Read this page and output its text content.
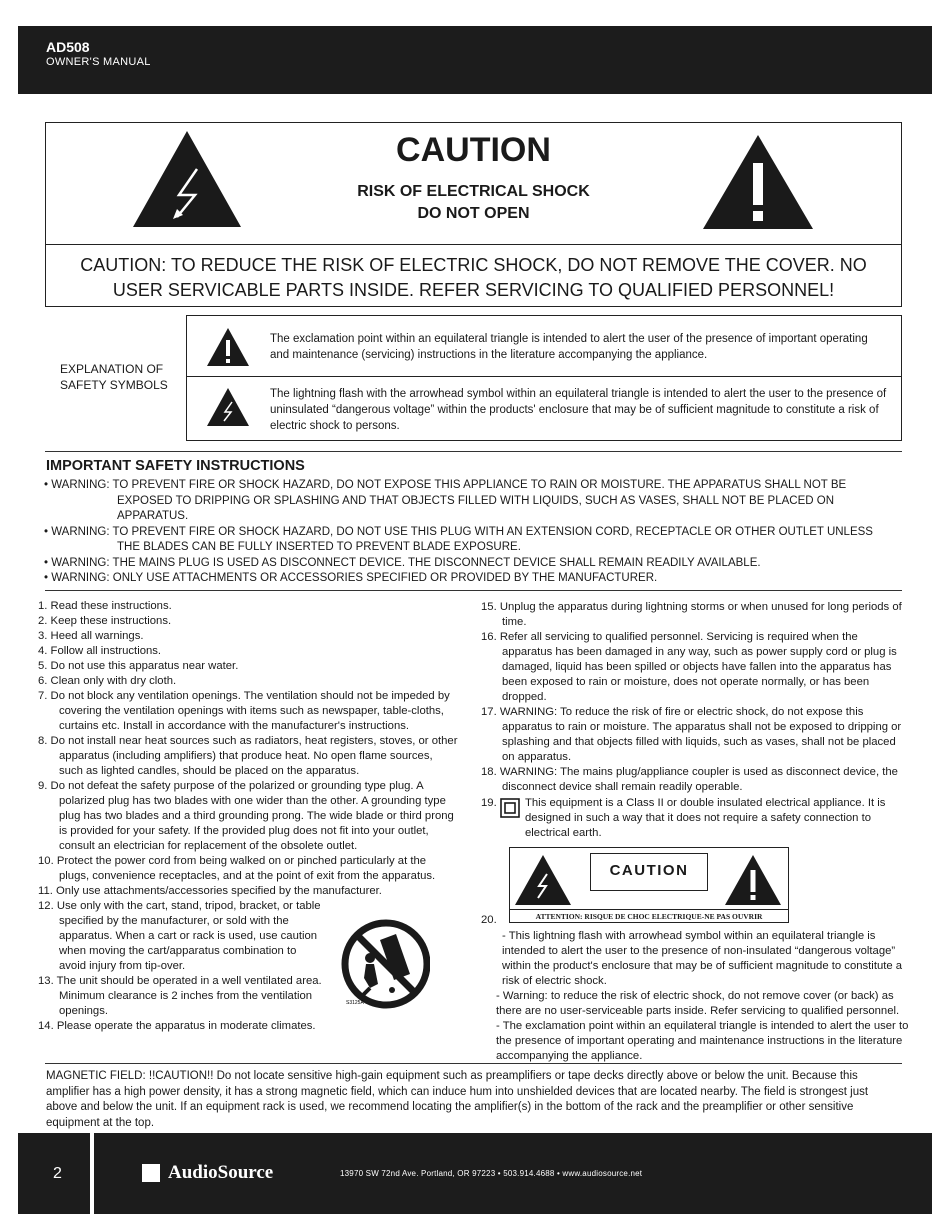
AD508
OWNER'S MANUAL
CAUTION
RISK OF ELECTRICAL SHOCK
DO NOT OPEN
CAUTION: TO REDUCE THE RISK OF ELECTRIC SHOCK, DO NOT REMOVE THE COVER. NO
USER SERVICABLE PARTS INSIDE. REFER SERVICING TO QUALIFIED PERSONNEL!
EXPLANATION OF
SAFETY SYMBOLS
The exclamation point within an equilateral triangle is intended to alert the user of the presence of important operating and maintenance (servicing) instructions in the literature accompanying the appliance.
The lightning flash with the arrowhead symbol within an equilateral triangle is intended to alert the user to the presence of uninsulated “dangerous voltage” within the products' enclosure that may be of sufficient magnitude to constitute a risk of electric shock to persons.
IMPORTANT SAFETY INSTRUCTIONS
• WARNING: TO PREVENT FIRE OR SHOCK HAZARD, DO NOT EXPOSE THIS APPLIANCE TO RAIN OR MOISTURE. THE APPARATUS SHALL NOT BE EXPOSED TO DRIPPING OR SPLASHING AND THAT OBJECTS FILLED WITH LIQUIDS, SUCH AS VASES, SHALL NOT BE PLACED ON APPARATUS.
• WARNING: TO PREVENT FIRE OR SHOCK HAZARD, DO NOT USE THIS PLUG WITH AN EXTENSION CORD, RECEPTACLE OR OTHER OUTLET UNLESS THE BLADES CAN BE FULLY INSERTED TO PREVENT BLADE EXPOSURE.
• WARNING: THE MAINS PLUG IS USED AS DISCONNECT DEVICE. THE DISCONNECT DEVICE SHALL REMAIN READILY AVAILABLE.
• WARNING: ONLY USE ATTACHMENTS OR ACCESSORIES SPECIFIED OR PROVIDED BY THE MANUFACTURER.
1. Read these instructions.
2. Keep these instructions.
3. Heed all warnings.
4. Follow all instructions.
5. Do not use this apparatus near water.
6. Clean only with dry cloth.
7. Do not block any ventilation openings. The ventilation should not be impeded by covering the ventilation openings with items such as newspaper, table-cloths, curtains etc. Install in accordance with the manufacturer's instructions.
8. Do not install near heat sources such as radiators, heat registers, stoves, or other apparatus (including amplifiers) that produce heat. No open flame sources, such as lighted candles, should be placed on the apparatus.
9. Do not defeat the safety purpose of the polarized or grounding type plug. A polarized plug has two blades with one wider than the other. A grounding type plug has two blades and a third grounding prong. The wide blade or third prong is provided for your safety. If the provided plug does not fit into your outlet, consult an electrician for replacement of the obsolete outlet.
10. Protect the power cord from being walked on or pinched particularly at the plugs, convenience receptacles, and at the point of exit from the apparatus.
11. Only use attachments/accessories specified by the manufacturer.
12. Use only with the cart, stand, tripod, bracket, or table specified by the manufacturer, or sold with the apparatus. When a cart or rack is used, use caution when moving the cart/apparatus combination to avoid injury from tip-over.
13. The unit should be operated in a well ventilated area. Minimum clearance is 2 inches from the ventilation openings.
14. Please operate the apparatus in moderate climates.
S3125A
15. Unplug the apparatus during lightning storms or when unused for long periods of time.
16. Refer all servicing to qualified personnel. Servicing is required when the apparatus has been damaged in any way, such as power supply cord or plug is damaged, liquid has been spilled or objects have fallen into the apparatus has been exposed to rain or moisture, does not operate normally, or has been dropped.
17. WARNING: To reduce the risk of fire or electric shock, do not expose this apparatus to rain or moisture. The apparatus shall not be exposed to dripping or splashing and that objects filled with liquids, such as vases, shall not be placed on apparatus.
18. WARNING: The mains plug/appliance coupler is used as disconnect device, the disconnect device shall remain readily operable.
19.	This equipment is a Class II or double insulated electrical appliance. It is designed in such a way that it does not require a safety connection to electrical earth.
20.
CAUTION
ATTENTION: RISQUE DE CHOC ELECTRIQUE-NE PAS OUVRIR
- This lightning flash with arrowhead symbol within an equilateral triangle is intended to alert the user to the presence of non-insulated “dangerous voltage” within the product's enclosure that may be of sufficient magnitude to constitute a risk of electric shock.
- Warning: to reduce the risk of electric shock, do not remove cover (or back) as there are no user-serviceable parts inside. Refer servicing to qualified personnel.
- The exclamation point within an equilateral triangle is intended to alert the user to the presence of important operating and maintenance instructions in the literature accompanying the appliance.
MAGNETIC FIELD: !!CAUTION!! Do not locate sensitive high-gain equipment such as preamplifiers or tape decks directly above or below the unit. Because this amplifier has a high power density, it has a strong magnetic field, which can induce hum into unshielded devices that are located nearby. The field is strongest just above and below the unit. If an equipment rack is used, we recommend locating the amplifier(s) in the bottom of the rack and the preamplifier or other sensitive equipment at the top.
2	AudioSource	13970 SW 72nd Ave. Portland, OR 97223 • 503.914.4688 • www.audiosource.net
